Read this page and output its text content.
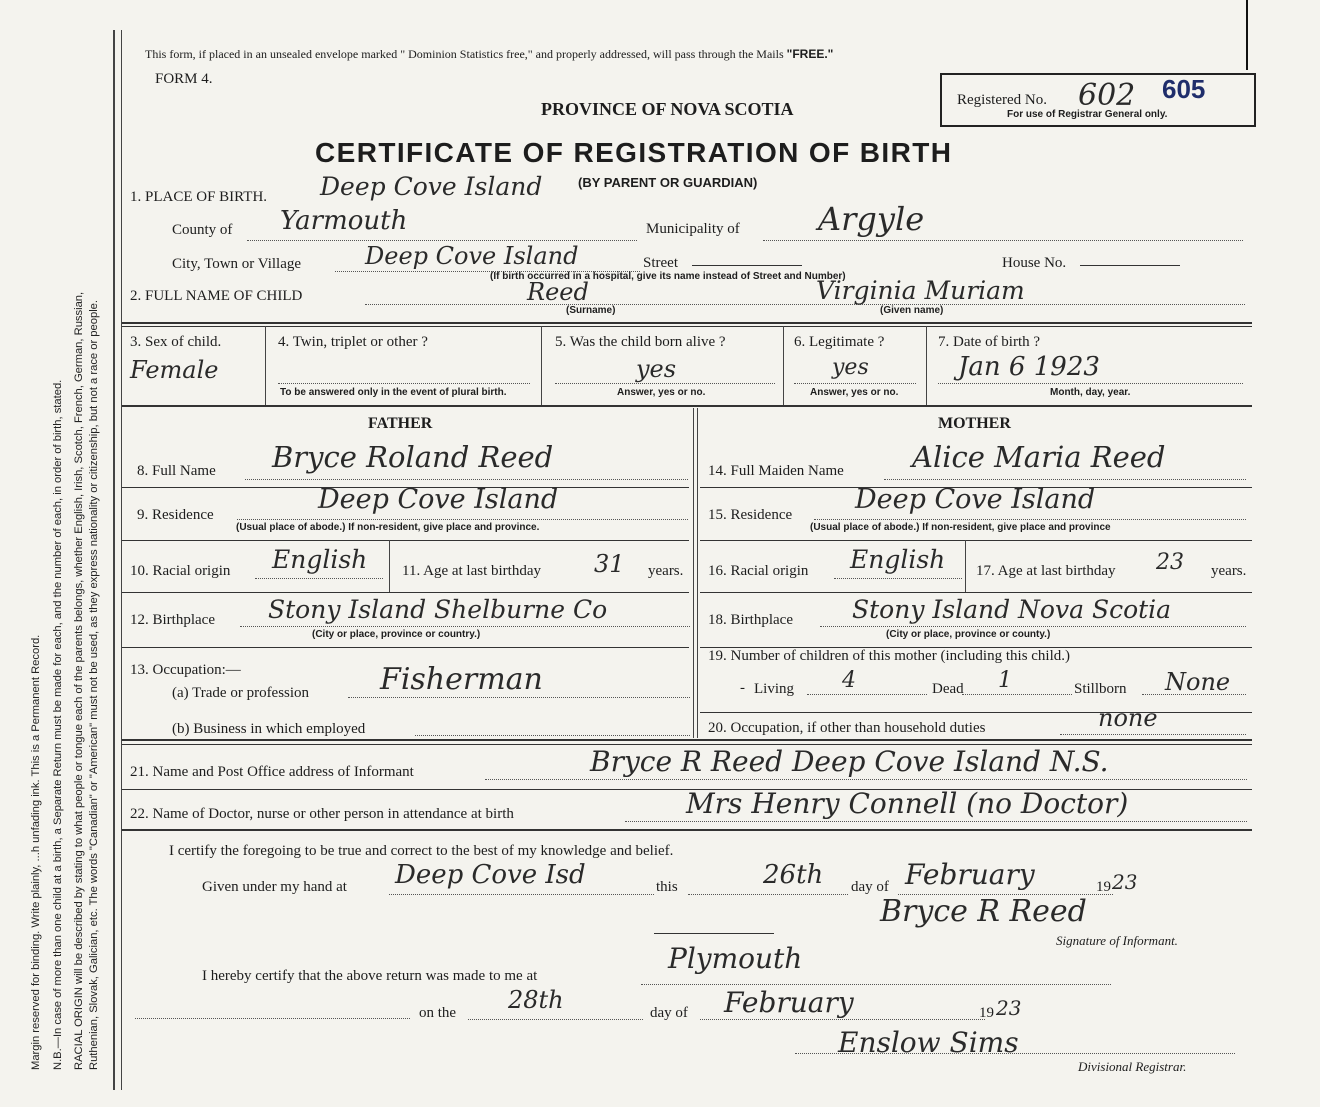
Margin reserved for binding. Write plainly, ...h unfading ink. This is a Permanent Record. N.B.—In case of more than one child at a birth, a Separate Return must be made for each, and the number of each, in order of birth, stated. RACIAL ORIGIN will be described by stating to what people or tongue each of the parents belongs, whether English, Irish, Scotch, French, German, Russian, Ruthenian, Slovak, Galician, etc. The words "Canadian" or "American" must not be used, as they express nationality or citizenship, but not a race or people.
This form, if placed in an unsealed envelope marked " Dominion Statistics free," and properly addressed, will pass through the Mails "FREE."
FORM 4.
PROVINCE OF NOVA SCOTIA
CERTIFICATE OF REGISTRATION OF BIRTH
Registered No. 602 605
For use of Registrar General only.
1. PLACE OF BIRTH. Deep Cove Island	(BY PARENT OR GUARDIAN)
County of Yarmouth	Municipality of Argyle
City, Town or Village	Deep Cove Island	Street	House No.
(If birth occurred in a hospital, give its name instead of Street and Number)
2. FULL NAME OF CHILD	Reed
(Surname)
Virginia Muriam
(Given name)
3. Sex of child.
Female
4. Twin, triplet or other ?
To be answered only in the event of plural birth.
5. Was the child born alive ?
yes
Answer, yes or no.
6. Legitimate ?
yes
Answer, yes or no.
7. Date of birth ?
Jan 6 1923
Month, day, year.
FATHER	MOTHER
8. Full Name Bryce Roland Reed
9. Residence	Deep Cove Island
(Usual place of abode.) If non-resident, give place and province.
10. Racial origin English 11. Age at last birthday 31 years.
12. Birthplace Stony Island Shelburne Co
(City or place, province or country.)
13. Occupation:—
(a) Trade or profession Fisherman
(b) Business in which employed
14. Full Maiden Name Alice Maria Reed
15. Residence Deep Cove Island
(Usual place of abode.) If non-resident, give place and province
16. Racial origin English 17. Age at last birthday 23 years.
18. Birthplace Stony Island Nova Scotia
(City or place, province or county.)
19. Number of children of this mother (including this child.)
- Living 4	Dead 1	Stillborn None
20. Occupation, if other than household duties	none
21. Name and Post Office address of Informant	Bryce R Reed Deep Cove Island N.S.
22. Name of Doctor, nurse or other person in attendance at birth	Mrs Henry Connell (no Doctor)
I certify the foregoing to be true and correct to the best of my knowledge and belief.
Given under my hand at Deep Cove Isd	this	26th day of February	19 23
Bryce R Reed
Signature of Informant.
I hereby certify that the above return was made to me at
Plymouth
on the 28th	day of February	19 23
Enslow Sims
Divisional Registrar.
